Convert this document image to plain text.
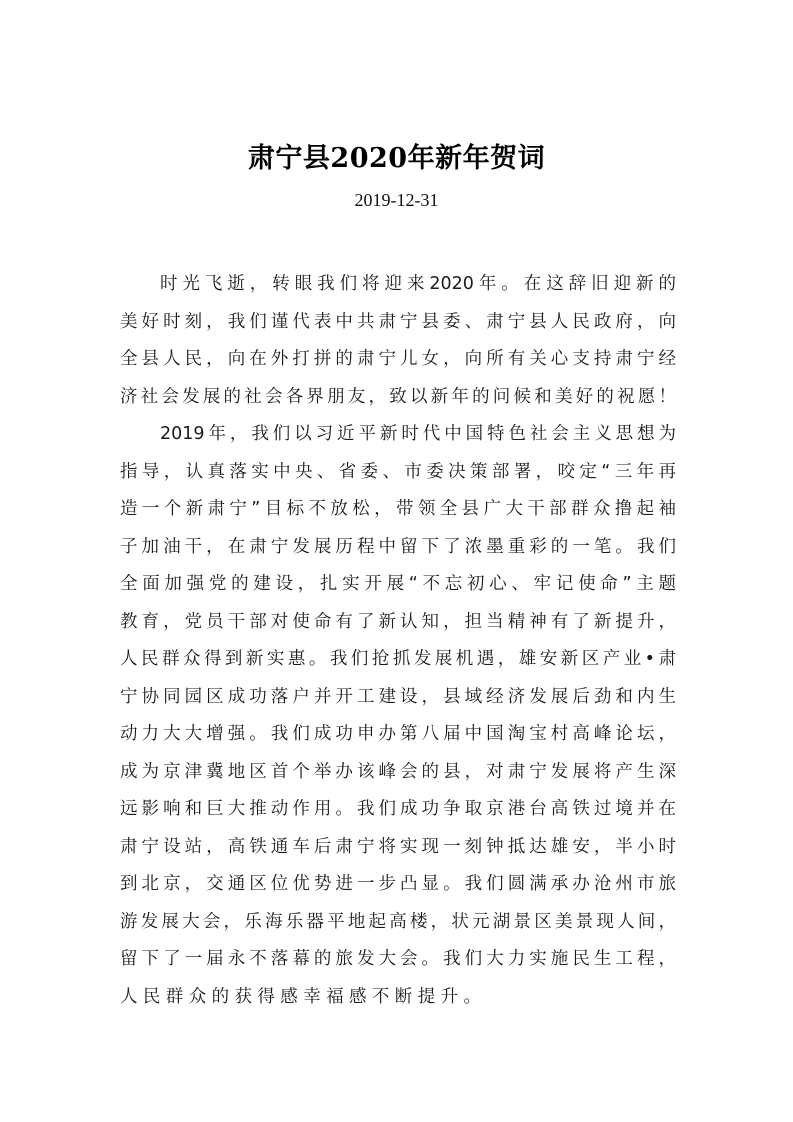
肃宁县2020年新年贺词
2019-12-31
时光飞逝，转眼我们将迎来2020年。在这辞旧迎新的
美好时刻，我们谨代表中共肃宁县委、肃宁县人民政府，向
全县人民，向在外打拼的肃宁儿女，向所有关心支持肃宁经
济社会发展的社会各界朋友，致以新年的问候和美好的祝愿！
2019年，我们以习近平新时代中国特色社会主义思想为
指导，认真落实中央、省委、市委决策部署，咬定“三年再
造一个新肃宁”目标不放松，带领全县广大干部群众撸起袖
子加油干，在肃宁发展历程中留下了浓墨重彩的一笔。我们
全面加强党的建设，扎实开展“不忘初心、牢记使命”主题
教育，党员干部对使命有了新认知，担当精神有了新提升，
人民群众得到新实惠。我们抢抓发展机遇，雄安新区产业•肃
宁协同园区成功落户并开工建设，县域经济发展后劲和内生
动力大大增强。我们成功申办第八届中国淘宝村高峰论坛，
成为京津冀地区首个举办该峰会的县，对肃宁发展将产生深
远影响和巨大推动作用。我们成功争取京港台高铁过境并在
肃宁设站，高铁通车后肃宁将实现一刻钟抵达雄安，半小时
到北京，交通区位优势进一步凸显。我们圆满承办沧州市旅
游发展大会，乐海乐器平地起高楼，状元湖景区美景现人间，
留下了一届永不落幕的旅发大会。我们大力实施民生工程，
人民群众的获得感幸福感不断提升。
